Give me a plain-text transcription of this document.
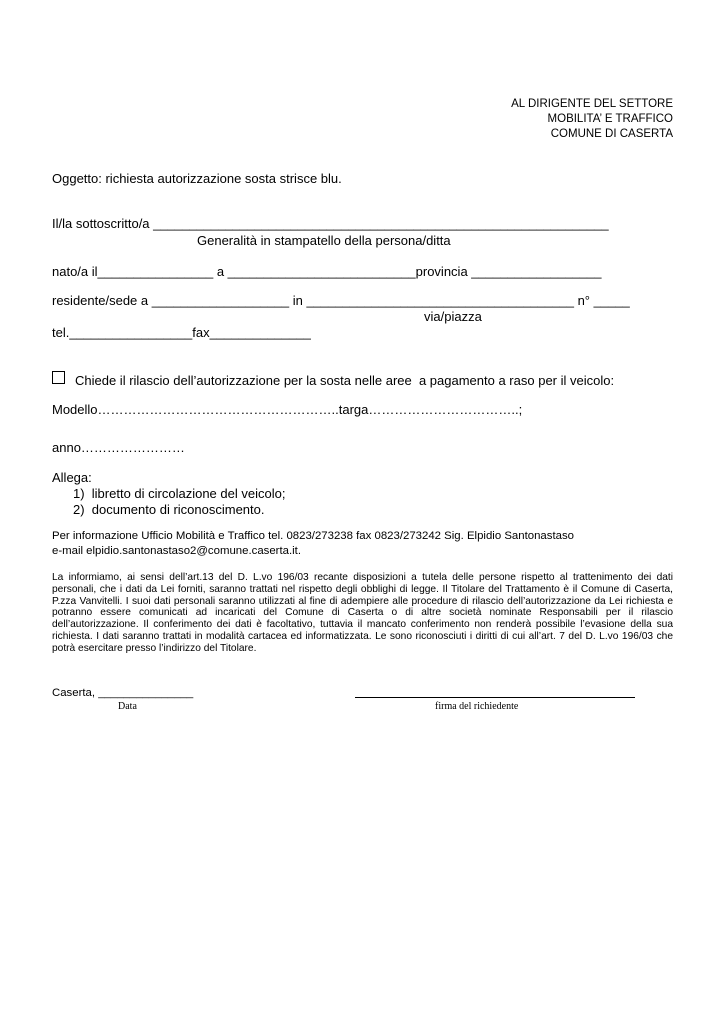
AL DIRIGENTE DEL SETTORE
MOBILITA’ E TRAFFICO
COMUNE DI CASERTA
Oggetto: richiesta autorizzazione sosta strisce blu.
Il/la sottoscritto/a _______________________________________________________________
Generalità in stampatello della persona/ditta
nato/a il________________ a __________________________provincia __________________
residente/sede a ___________________ in _____________________________________ n° _____
via/piazza
tel._________________fax______________
Chiede il rilascio dell’autorizzazione per la sosta nelle aree  a pagamento a raso per il veicolo:
Modello………………………………………………..targa……………………………..;
anno……………………
Allega:
1)  libretto di circolazione del veicolo;
2)  documento di riconoscimento.
Per informazione Ufficio Mobilità e Traffico tel. 0823/273238 fax 0823/273242 Sig. Elpidio Santonastaso
e-mail elpidio.santonastaso2@comune.caserta.it.
La informiamo, ai sensi dell’art.13 del D. L.vo 196/03 recante disposizioni a tutela delle persone rispetto al trattenimento dei dati personali, che i dati da Lei forniti, saranno trattati nel rispetto degli obblighi di legge. Il Titolare del Trattamento è il Comune di Caserta, P.zza Vanvitelli. I suoi dati personali saranno utilizzati al fine di adempiere alle procedure di rilascio dell’autorizzazione da Lei richiesta e potranno essere comunicati ad incaricati del Comune di Caserta o di altre società nominate Responsabili per il rilascio dell’autorizzazione. Il conferimento dei dati è facoltativo, tuttavia il mancato conferimento non renderà possibile l’evasione della sua richiesta. I dati saranno trattati in modalità cartacea ed informatizzata. Le sono riconosciuti i diritti di cui all’art. 7 del D. L.vo 196/03 che potrà esercitare presso l’indirizzo del Titolare.
Caserta, _______________
Data	firma del richiedente
